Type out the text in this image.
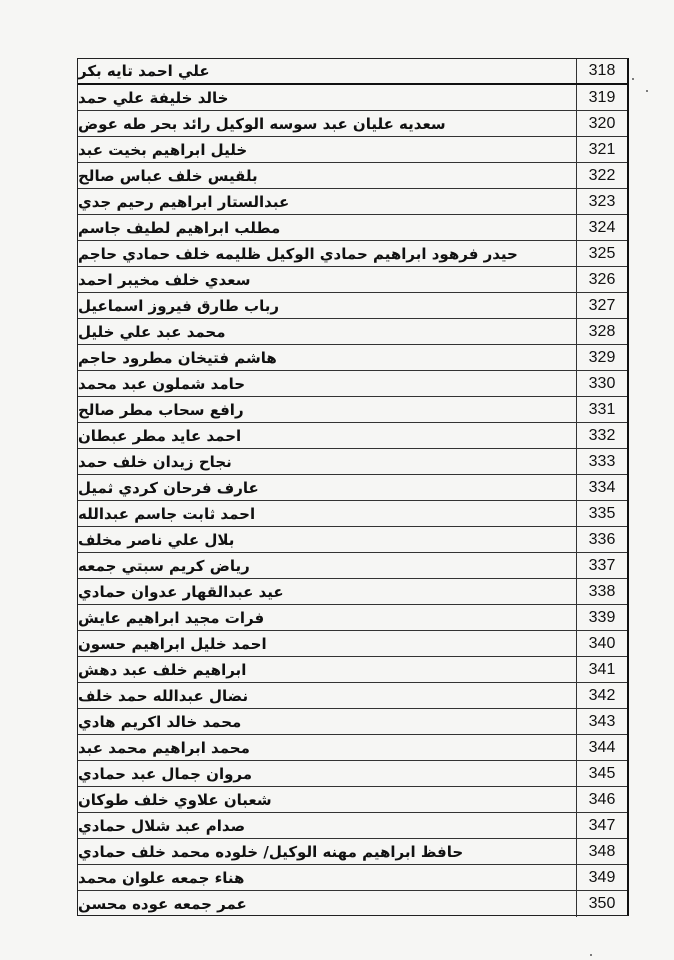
علي احمد تايه بكر	318
خالد خليفة علي حمد	319
سعديه عليان عبد سوسه الوكيل رائد بحر طه عوض	320
خليل ابراهيم بخيت عبد	321
بلقيس خلف عباس صالح	322
عبدالستار ابراهيم رحيم جدي	323
مطلب ابراهيم لطيف جاسم	324
حيدر فرهود ابراهيم حمادي الوكيل ظليمه خلف حمادي حاجم	325
سعدي خلف مخيبر احمد	326
رباب طارق فيروز اسماعيل	327
محمد عبد علي خليل	328
هاشم فتيخان مطرود حاجم	329
حامد شملون عبد محمد	330
رافع سحاب مطر صالح	331
احمد عايد مطر عبطان	332
نجاح زيدان خلف حمد	333
عارف فرحان كردي ثميل	334
احمد ثابت جاسم عبدالله	335
بلال علي ناصر مخلف	336
رياض كريم سبتي جمعه	337
عيد عبدالقهار عدوان حمادي	338
فرات مجيد ابراهيم عايش	339
احمد خليل ابراهيم حسون	340
ابراهيم خلف عبد دهش	341
نضال عبدالله حمد خلف	342
محمد خالد اكريم هادي	343
محمد ابراهيم محمد عبد	344
مروان جمال عبد حمادي	345
شعبان علاوي خلف طوكان	346
صدام عبد شلال حمادي	347
حافظ ابراهيم مهنه الوكيل/ خلوده محمد خلف حمادي	348
هناء جمعه علوان محمد	349
عمر جمعه عوده محسن	350
